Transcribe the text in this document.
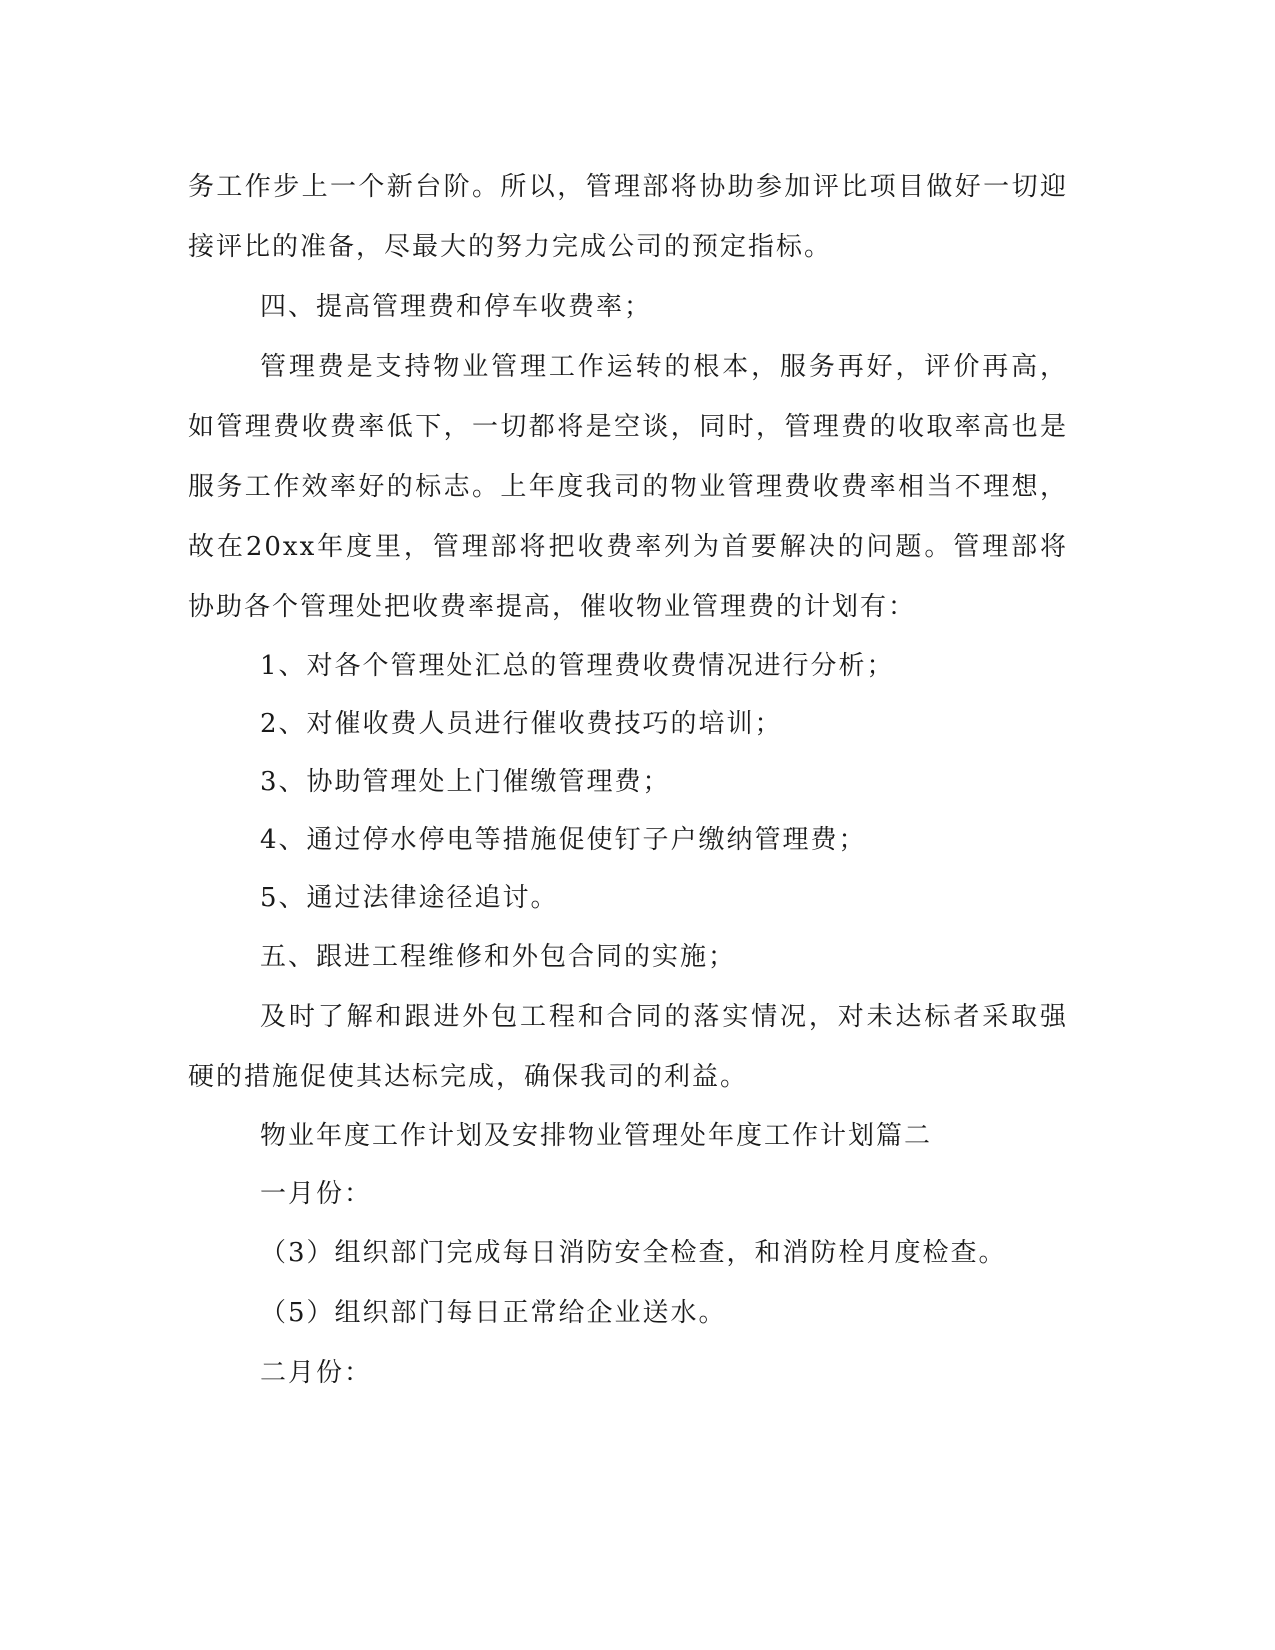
务工作步上一个新台阶。所以，管理部将协助参加评比项目做好一切迎接评比的准备，尽最大的努力完成公司的预定指标。

四、提高管理费和停车收费率；

管理费是支持物业管理工作运转的根本，服务再好，评价再高，如管理费收费率低下，一切都将是空谈，同时，管理费的收取率高也是服务工作效率好的标志。上年度我司的物业管理费收费率相当不理想，故在20xx年度里，管理部将把收费率列为首要解决的问题。管理部将协助各个管理处把收费率提高，催收物业管理费的计划有：

1、对各个管理处汇总的管理费收费情况进行分析；

2、对催收费人员进行催收费技巧的培训；

3、协助管理处上门催缴管理费；

4、通过停水停电等措施促使钉子户缴纳管理费；

5、通过法律途径追讨。

五、跟进工程维修和外包合同的实施；

及时了解和跟进外包工程和合同的落实情况，对未达标者采取强硬的措施促使其达标完成，确保我司的利益。

物业年度工作计划及安排物业管理处年度工作计划篇二

一月份：

（3）组织部门完成每日消防安全检查，和消防栓月度检查。

（5）组织部门每日正常给企业送水。

二月份：
